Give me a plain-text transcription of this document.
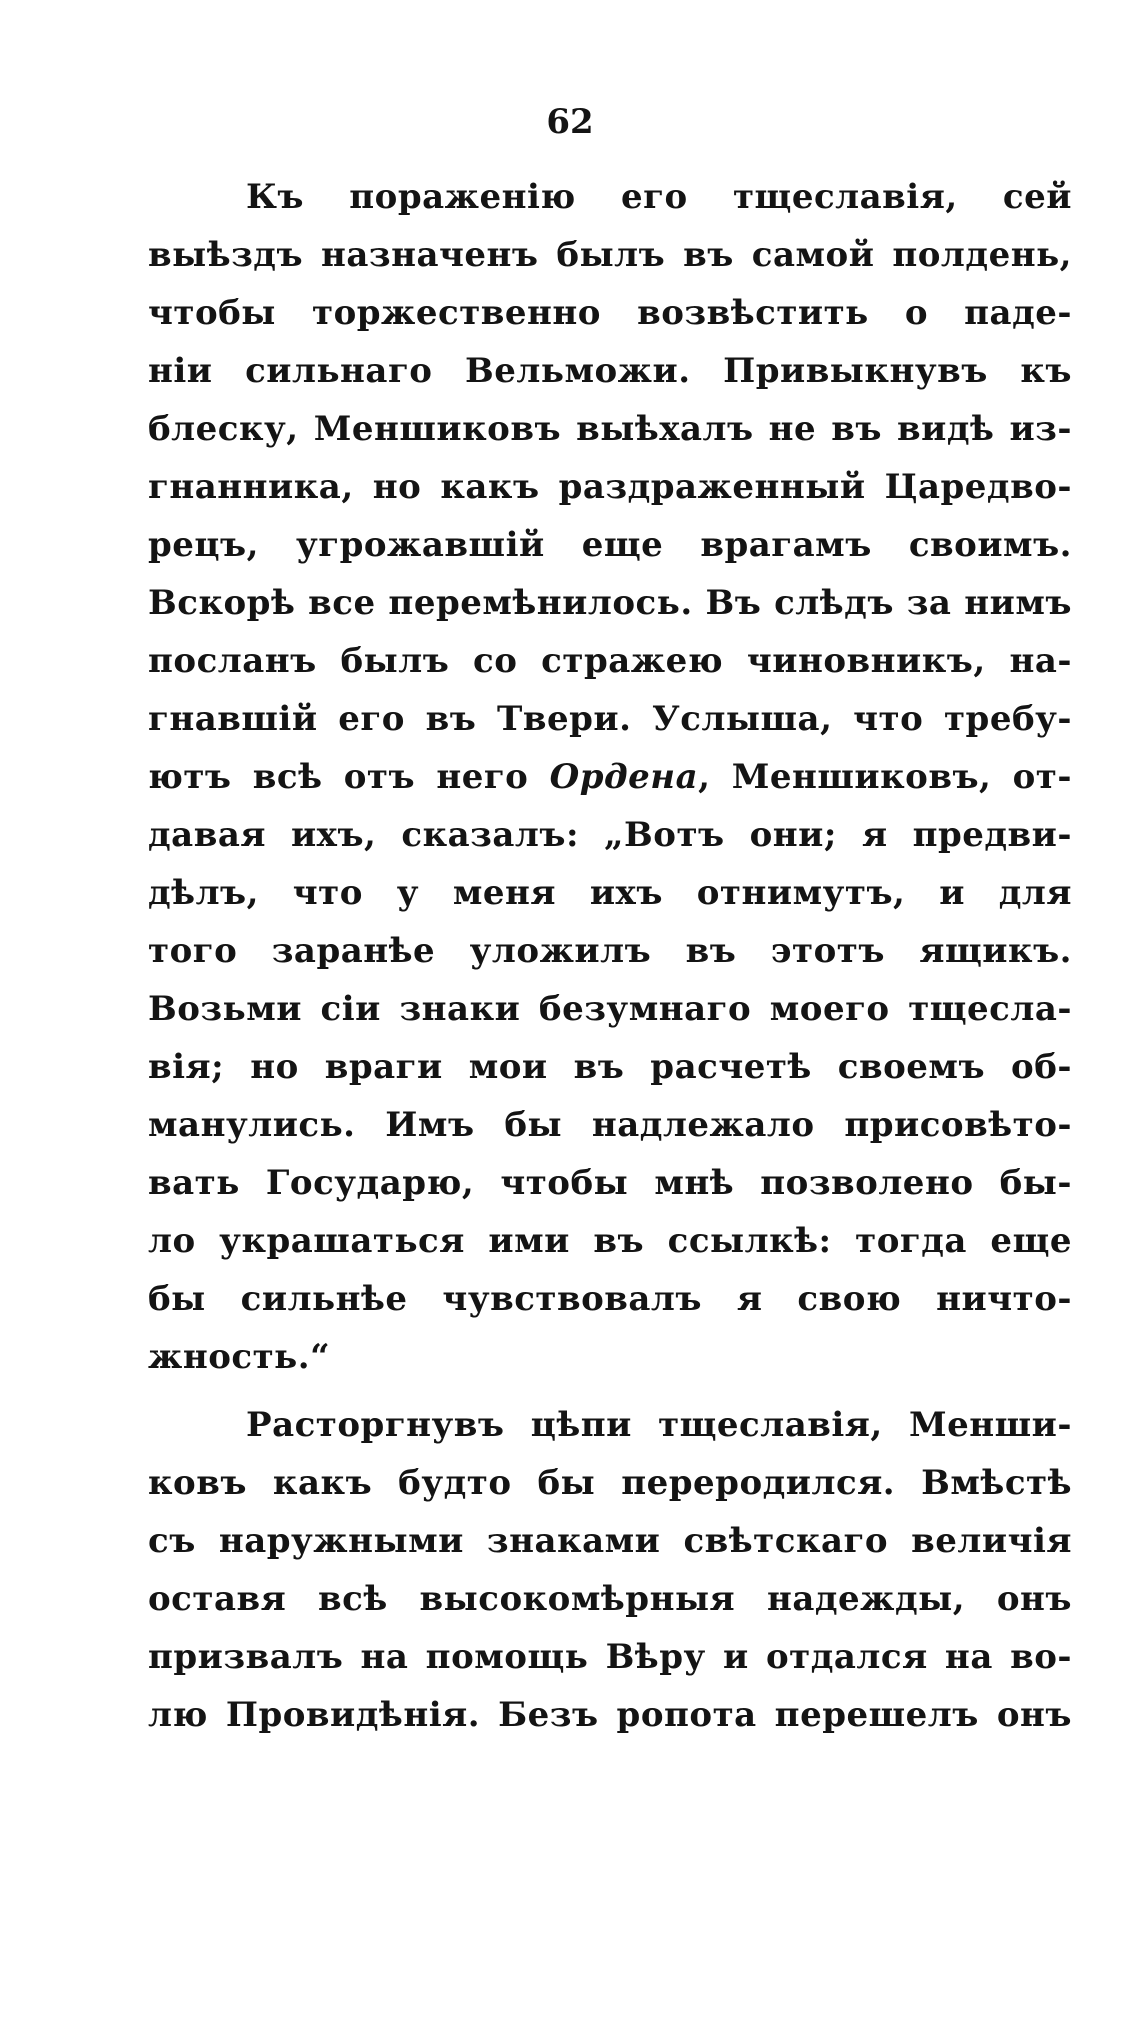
62
Къ пораженію его тщеславія, сей
выѣздъ назначенъ былъ въ самой полдень,
чтобы торжественно возвѣстить о паде-
ніи сильнаго Вельможи. Привыкнувъ къ
блеску, Меншиковъ выѣхалъ не въ видѣ из-
гнанника, но какъ раздраженный Царедво-
рецъ, угрожавшій еще врагамъ своимъ.
Вскорѣ все перемѣнилось. Въ слѣдъ за нимъ
посланъ былъ со стражею чиновникъ, на-
гнавшій его въ Твери. Услыша, что требу-
ютъ всѣ отъ него Ордена, Меншиковъ, от-
давая ихъ, сказалъ: „Вотъ они; я предви-
дѣлъ, что у меня ихъ отнимутъ, и для
того заранѣе уложилъ въ этотъ ящикъ.
Возьми сіи знаки безумнаго моего тщесла-
вія; но враги мои въ расчетѣ своемъ об-
манулись. Имъ бы надлежало присовѣто-
вать Государю, чтобы мнѣ позволено бы-
ло украшаться ими въ ссылкѣ: тогда еще
бы сильнѣе чувствовалъ я свою ничто-
жность.“
Расторгнувъ цѣпи тщеславія, Менши-
ковъ какъ будто бы переродился. Вмѣстѣ
съ наружными знаками свѣтскаго величія
оставя всѣ высокомѣрныя надежды, онъ
призвалъ на помощь Вѣру и отдался на во-
лю Провидѣнія. Безъ ропота перешелъ онъ
